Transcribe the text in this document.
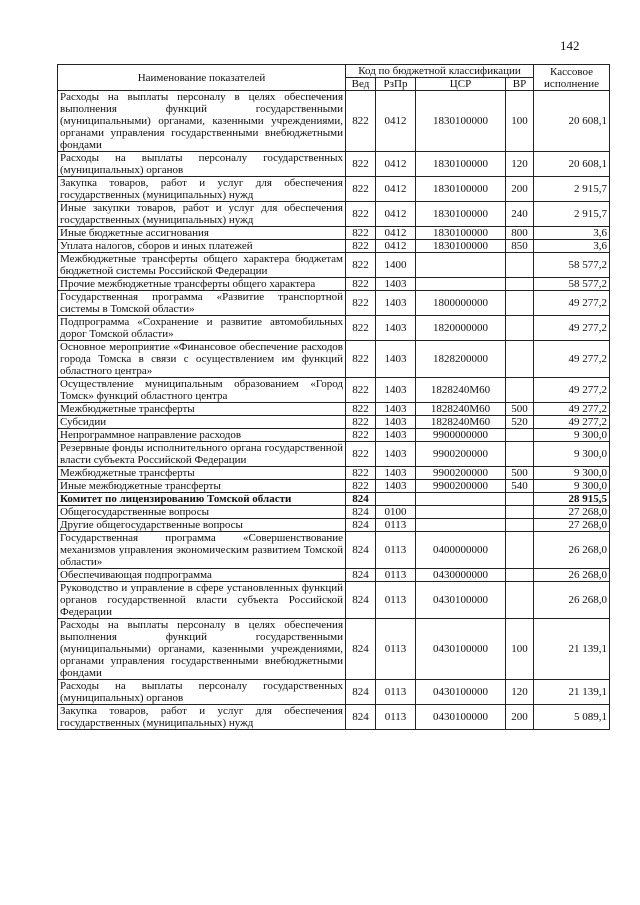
142
Наименование показателей	Код по бюджетной классификации				Кассовое исполнение
	Вед	РзПр	ЦСР	ВР	
Расходы на выплаты персоналу в целях обеспечения выполнения функций государственными (муниципальными) органами, казенными учреждениями, органами управления государственными внебюджетными фондами	822	0412	1830100000	100	20 608,1
Расходы на выплаты персоналу государственных (муниципальных) органов	822	0412	1830100000	120	20 608,1
Закупка товаров, работ и услуг для обеспечения государственных (муниципальных) нужд	822	0412	1830100000	200	2 915,7
Иные закупки товаров, работ и услуг для обеспечения государственных (муниципальных) нужд	822	0412	1830100000	240	2 915,7
Иные бюджетные ассигнования	822	0412	1830100000	800	3,6
Уплата налогов, сборов и иных платежей	822	0412	1830100000	850	3,6
Межбюджетные трансферты общего характера бюджетам бюджетной системы Российской Федерации	822	1400			58 577,2
Прочие межбюджетные трансферты общего характера	822	1403			58 577,2
Государственная программа «Развитие транспортной системы в Томской области»	822	1403	1800000000		49 277,2
Подпрограмма «Сохранение и развитие автомобильных дорог Томской области»	822	1403	1820000000		49 277,2
Основное мероприятие «Финансовое обеспечение расходов города Томска в связи с осуществлением им функций областного центра»	822	1403	1828200000		49 277,2
Осуществление муниципальным образованием «Город Томск» функций областного центра	822	1403	1828240М60		49 277,2
Межбюджетные трансферты	822	1403	1828240М60	500	49 277,2
Субсидии	822	1403	1828240М60	520	49 277,2
Непрограммное направление расходов	822	1403	9900000000		9 300,0
Резервные фонды исполнительного органа государственной власти субъекта Российской Федерации	822	1403	9900200000		9 300,0
Межбюджетные трансферты	822	1403	9900200000	500	9 300,0
Иные межбюджетные трансферты	822	1403	9900200000	540	9 300,0
Комитет по лицензированию Томской области	824				28 915,5
Общегосударственные вопросы	824	0100			27 268,0
Другие общегосударственные вопросы	824	0113			27 268,0
Государственная программа «Совершенствование механизмов управления экономическим развитием Томской области»	824	0113	0400000000		26 268,0
Обеспечивающая подпрограмма	824	0113	0430000000		26 268,0
Руководство и управление в сфере установленных функций органов государственной власти субъекта Российской Федерации	824	0113	0430100000		26 268,0
Расходы на выплаты персоналу в целях обеспечения выполнения функций государственными (муниципальными) органами, казенными учреждениями, органами управления государственными внебюджетными фондами	824	0113	0430100000	100	21 139,1
Расходы на выплаты персоналу государственных (муниципальных) органов	824	0113	0430100000	120	21 139,1
Закупка товаров, работ и услуг для обеспечения государственных (муниципальных) нужд	824	0113	0430100000	200	5 089,1
